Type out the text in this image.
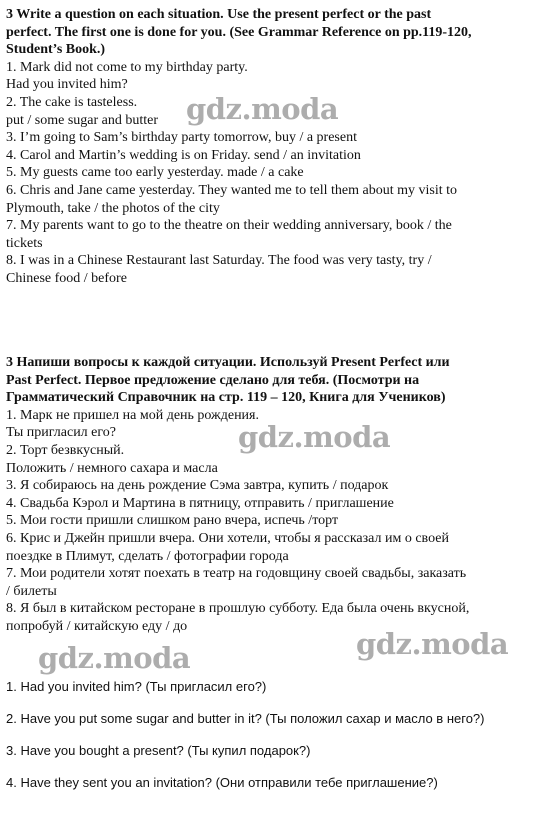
3 Write a question on each situation. Use the present perfect or the past

perfect. The first one is done for you. (See Grammar Reference on pp.119-120,

Student’s Book.)

1. Mark did not come to my birthday party.

Had you invited him?

2. The cake is tasteless.

put / some sugar and butter

3. I’m going to Sam’s birthday party tomorrow, buy / a present

4. Carol and Martin’s wedding is on Friday. send / an invitation

5. My guests came too early yesterday. made / a cake

6. Chris and Jane came yesterday. They wanted me to tell them about my visit to

Plymouth, take / the photos of the city

7. My parents want to go to the theatre on their wedding anniversary, book / the

tickets

8. I was in a Chinese Restaurant last Saturday. The food was very tasty, try /

Chinese food / before

3 Напиши вопросы к каждой ситуации. Используй Present Perfect или

Past Perfect. Первое предложение сделано для тебя. (Посмотри на

Грамматический Справочник на стр. 119 – 120, Книга для Учеников)

1. Марк не пришел на мой день рождения.

Ты пригласил его?

2. Торт безвкусный.

Положить / немного сахара и масла

3. Я собираюсь на день рождение Сэма завтра, купить / подарок

4. Свадьба Кэрол и Мартина в пятницу, отправить / приглашение

5. Мои гости пришли слишком рано вчера, испечь /торт

6. Крис и Джейн пришли вчера. Они хотели, чтобы я рассказал им о своей

поездке в Плимут, сделать / фотографии города

7. Мои родители хотят поехать в театр на годовщину своей свадьбы, заказать

/ билеты

8. Я был в китайском ресторане в прошлую субботу. Еда была очень вкусной,

попробуй / китайскую еду / до

1. Had you invited him? (Ты пригласил его?)

2. Have you put some sugar and butter in it? (Ты положил сахар и масло в него?)

3. Have you bought a present? (Ты купил подарок?)

4. Have they sent you an invitation? (Они отправили тебе приглашение?)

gdz.moda
gdz.moda
gdz.moda
gdz.moda
